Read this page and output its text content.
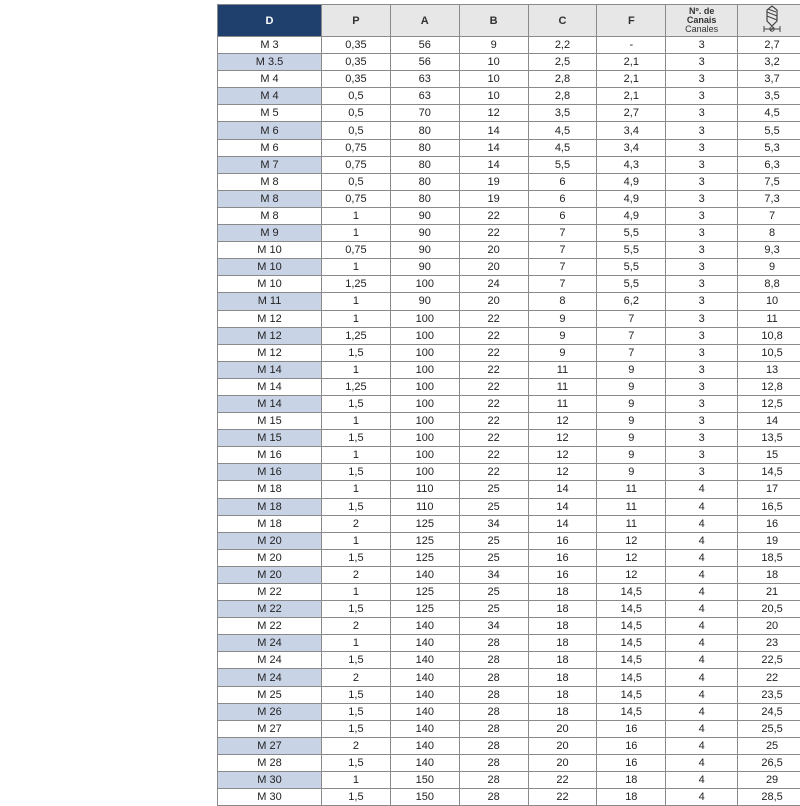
D	P	A	B	C	F	Nº. de
Canais
Canales

M 3	0,35	56	9	2,2	-	3	2,7
M 3.5	0,35	56	10	2,5	2,1	3	3,2
M 4	0,35	63	10	2,8	2,1	3	3,7
M 4	0,5	63	10	2,8	2,1	3	3,5
M 5	0,5	70	12	3,5	2,7	3	4,5
M 6	0,5	80	14	4,5	3,4	3	5,5
M 6	0,75	80	14	4,5	3,4	3	5,3
M 7	0,75	80	14	5,5	4,3	3	6,3
M 8	0,5	80	19	6	4,9	3	7,5
M 8	0,75	80	19	6	4,9	3	7,3
M 8	1	90	22	6	4,9	3	7
M 9	1	90	22	7	5,5	3	8
M 10	0,75	90	20	7	5,5	3	9,3
M 10	1	90	20	7	5,5	3	9
M 10	1,25	100	24	7	5,5	3	8,8
M 11	1	90	20	8	6,2	3	10
M 12	1	100	22	9	7	3	11
M 12	1,25	100	22	9	7	3	10,8
M 12	1,5	100	22	9	7	3	10,5
M 14	1	100	22	11	9	3	13
M 14	1,25	100	22	11	9	3	12,8
M 14	1,5	100	22	11	9	3	12,5
M 15	1	100	22	12	9	3	14
M 15	1,5	100	22	12	9	3	13,5
M 16	1	100	22	12	9	3	15
M 16	1,5	100	22	12	9	3	14,5
M 18	1	110	25	14	11	4	17
M 18	1,5	110	25	14	11	4	16,5
M 18	2	125	34	14	11	4	16
M 20	1	125	25	16	12	4	19
M 20	1,5	125	25	16	12	4	18,5
M 20	2	140	34	16	12	4	18
M 22	1	125	25	18	14,5	4	21
M 22	1,5	125	25	18	14,5	4	20,5
M 22	2	140	34	18	14,5	4	20
M 24	1	140	28	18	14,5	4	23
M 24	1,5	140	28	18	14,5	4	22,5
M 24	2	140	28	18	14,5	4	22
M 25	1,5	140	28	18	14,5	4	23,5
M 26	1,5	140	28	18	14,5	4	24,5
M 27	1,5	140	28	20	16	4	25,5
M 27	2	140	28	20	16	4	25
M 28	1,5	140	28	20	16	4	26,5
M 30	1	150	28	22	18	4	29
M 30	1,5	150	28	22	18	4	28,5
